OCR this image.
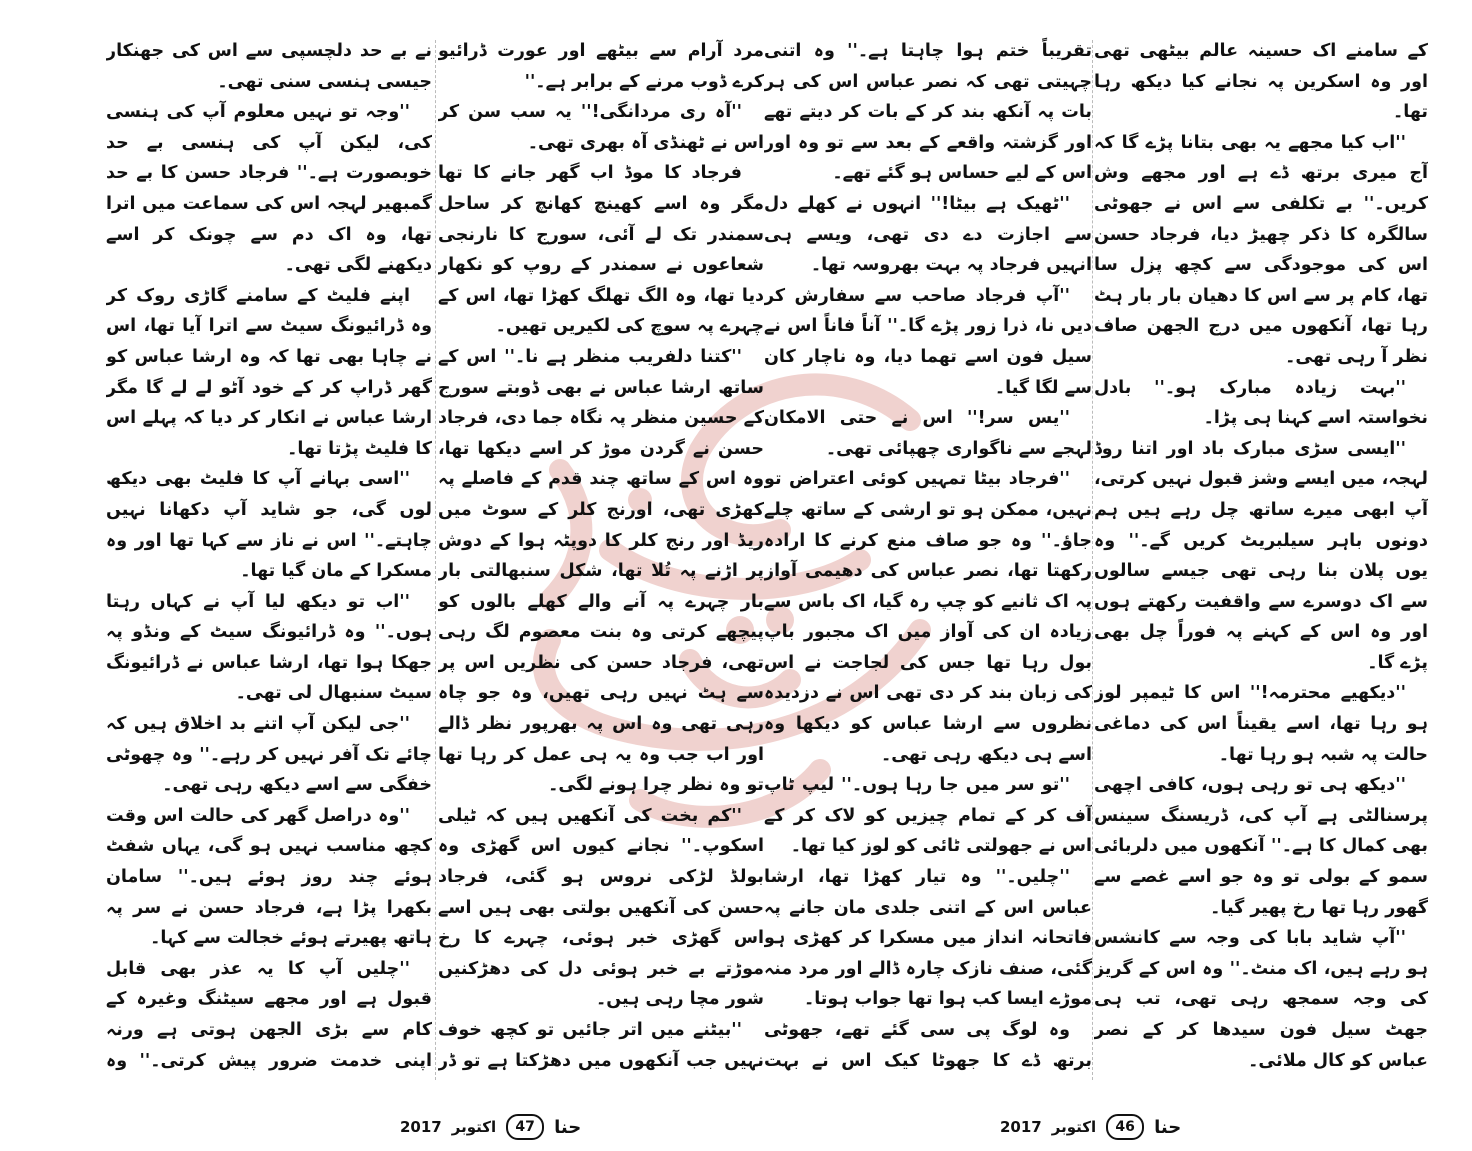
نے بے حد دلچسپی سے اس کی جھنکار جیسی ہنسی سنی تھی۔

''وجہ تو نہیں معلوم آپ کی ہنسی کی، لیکن آپ کی ہنسی بے حد خوبصورت ہے۔'' فرجاد حسن کا بے حد گمبھیر لہجہ اس کی سماعت میں اترا تھا، وہ اک دم سے چونک کر اسے دیکھنے لگی تھی۔

اپنے فلیٹ کے سامنے گاڑی روک کر وہ ڈرائیونگ سیٹ سے اترا آیا تھا، اس نے چاہا بھی تھا کہ وہ ارشا عباس کو گھر ڈراپ کر کے خود آٹو لے لے گا مگر ارشا عباس نے انکار کر دیا کہ پہلے اس کا فلیٹ پڑتا تھا۔

''اسی بہانے آپ کا فلیٹ بھی دیکھ لوں گی، جو شاید آپ دکھانا نہیں چاہتے۔'' اس نے ناز سے کہا تھا اور وہ مسکرا کے مان گیا تھا۔

''اب تو دیکھ لیا آپ نے کہاں رہتا ہوں۔'' وہ ڈرائیونگ سیٹ کے ونڈو پہ جھکا ہوا تھا، ارشا عباس نے ڈرائیونگ سیٹ سنبھال لی تھی۔

''جی لیکن آپ اتنے بد اخلاق ہیں کہ چائے تک آفر نہیں کر رہے۔'' وہ چھوٹی خفگی سے اسے دیکھ رہی تھی۔

''وہ دراصل گھر کی حالت اس وقت کچھ مناسب نہیں ہو گی، یہاں شفٹ ہوئے چند روز ہوئے ہیں۔'' سامان بکھرا پڑا ہے، فرجاد حسن نے سر پہ ہاتھ پھیرتے ہوئے خجالت سے کہا۔

''چلیں آپ کا یہ عذر بھی قابل قبول ہے اور مجھے سیٹنگ وغیرہ کے کام سے بڑی الجھن ہوتی ہے ورنہ اپنی خدمت ضرور پیش کرتی۔'' وہ

مرد آرام سے بیٹھے اور عورت ڈرائیو کرے ڈوب مرنے کے برابر ہے۔''

''آہ ری مردانگی!'' یہ سب سن کر اس نے ٹھنڈی آہ بھری تھی۔

فرجاد کا موڈ اب گھر جانے کا تھا مگر وہ اسے کھینچ کھانچ کر ساحل سمندر تک لے آئی، سورج کا نارنجی شعاعوں نے سمندر کے روپ کو نکھار دیا تھا، وہ الگ تھلگ کھڑا تھا، اس کے چہرے پہ سوچ کی لکیریں تھیں۔

''کتنا دلفریب منظر ہے نا۔'' اس کے ساتھ ارشا عباس نے بھی ڈوبتے سورج کے حسین منظر پہ نگاہ جما دی، فرجاد حسن نے گردن موڑ کر اسے دیکھا تھا، وہ اس کے ساتھ چند قدم کے فاصلے پہ کھڑی تھی، اورنج کلر کے سوٹ میں ریڈ اور رنج کلر کا دوپٹہ ہوا کے دوش پر اڑنے پہ تُلا تھا، شکل سنبھالتی بار بار چہرے پہ آنے والے کھلے بالوں کو پیچھے کرتی وہ بنت معصوم لگ رہی تھی، فرجاد حسن کی نظریں اس پر سے ہٹ نہیں رہی تھیں، وہ جو چاہ رہی تھی وہ اس پہ بھرپور نظر ڈالے اور اب جب وہ یہ ہی عمل کر رہا تھا تو وہ نظر چرا ہونے لگی۔

''کم بخت کی آنکھیں ہیں کہ ٹیلی اسکوپ۔'' نجانے کیوں اس گھڑی وہ بولڈ لڑکی نروس ہو گئی، فرجاد حسن کی آنکھیں بولتی بھی ہیں اسے اس گھڑی خبر ہوئی، چہرے کا رخ موڑتے بے خبر ہوئی دل کی دھڑکنیں شور مچا رہی ہیں۔

''بیٹنے میں اتر جائیں تو کچھ خوف نہیں جب آنکھوں میں دھڑکتا ہے تو ڈر

تقریباً ختم ہوا چاہتا ہے۔'' وہ اتنی چہیتی تھی کہ نصر عباس اس کی ہر بات پہ آنکھ بند کر کے بات کر دیتے تھے اور گزشتہ واقعے کے بعد سے تو وہ اور اس کے لیے حساس ہو گئے تھے۔

''ٹھیک ہے بیٹا!'' انہوں نے کھلے دل سے اجازت دے دی تھی، ویسے ہی انہیں فرجاد پہ بہت بھروسہ تھا۔

''آپ فرجاد صاحب سے سفارش کر دیں نا، ذرا زور پڑے گا۔'' آناً فاناً اس نے سیل فون اسے تھما دیا، وہ ناچار کان سے لگا گیا۔

''یس سر!'' اس نے حتی الامکان لہجے سے ناگواری چھپائی تھی۔

''فرجاد بیٹا تمہیں کوئی اعتراض تو نہیں، ممکن ہو تو ارشی کے ساتھ چلے جاؤ۔'' وہ جو صاف منع کرنے کا ارادہ رکھتا تھا، نصر عباس کی دھیمی آواز پہ اک ثانیے کو چپ رہ گیا، اک باس سے زیادہ ان کی آواز میں اک مجبور باپ بول رہا تھا جس کی لجاجت نے اس کی زبان بند کر دی تھی اس نے دزدیدہ نظروں سے ارشا عباس کو دیکھا وہ اسے ہی دیکھ رہی تھی۔

''تو سر میں جا رہا ہوں۔'' لیپ ٹاپ آف کر کے تمام چیزیں کو لاک کر کے اس نے جھولتی ٹائی کو لوز کیا تھا۔

''چلیں۔'' وہ تیار کھڑا تھا، ارشا عباس اس کے اتنی جلدی مان جانے پہ فاتحانہ انداز میں مسکرا کر کھڑی ہو گئی، صنف نازک چارہ ڈالے اور مرد منہ موڑے ایسا کب ہوا تھا جواب ہوتا۔

وہ لوگ پی سی گئے تھے، جھوٹی برتھ ڈے کا جھوٹا کیک اس نے بہت

کے سامنے اک حسینہ عالم بیٹھی تھی اور وہ اسکرین پہ نجانے کیا دیکھ رہا تھا۔

''اب کیا مجھے یہ بھی بتانا پڑے گا کہ آج میری برتھ ڈے ہے اور مجھے وش کریں۔'' بے تکلفی سے اس نے جھوٹی سالگرہ کا ذکر چھیڑ دیا، فرجاد حسن اس کی موجودگی سے کچھ پزل سا تھا، کام پر سے اس کا دھیان بار بار ہٹ رہا تھا، آنکھوں میں درج الجھن صاف نظر آ رہی تھی۔

''بہت زیادہ مبارک ہو۔'' بادل نخواستہ اسے کہنا ہی پڑا۔

''ایسی سڑی مبارک باد اور اتنا روڈ لہجہ، میں ایسے وشز قبول نہیں کرتی، آپ ابھی میرے ساتھ چل رہے ہیں ہم دونوں باہر سیلبریٹ کریں گے۔'' وہ یوں پلان بنا رہی تھی جیسے سالوں سے اک دوسرے سے واقفیت رکھتے ہوں اور وہ اس کے کہنے پہ فوراً چل بھی پڑے گا۔

''دیکھیے محترمہ!'' اس کا ٹیمپر لوز ہو رہا تھا، اسے یقیناً اس کی دماغی حالت پہ شبہ ہو رہا تھا۔

''دیکھ ہی تو رہی ہوں، کافی اچھی پرسنالٹی ہے آپ کی، ڈریسنگ سینس بھی کمال کا ہے۔'' آنکھوں میں دلربائی سمو کے بولی تو وہ جو اسے غصے سے گھور رہا تھا رخ پھیر گیا۔

''آپ شاید بابا کی وجہ سے کانشس ہو رہے ہیں، اک منٹ۔'' وہ اس کے گریز کی وجہ سمجھ رہی تھی، تب ہی جھٹ سیل فون سیدھا کر کے نصر عباس کو کال ملائی۔

2017 اکتوبر	47	حنا	2017 اکتوبر	46	حنا
